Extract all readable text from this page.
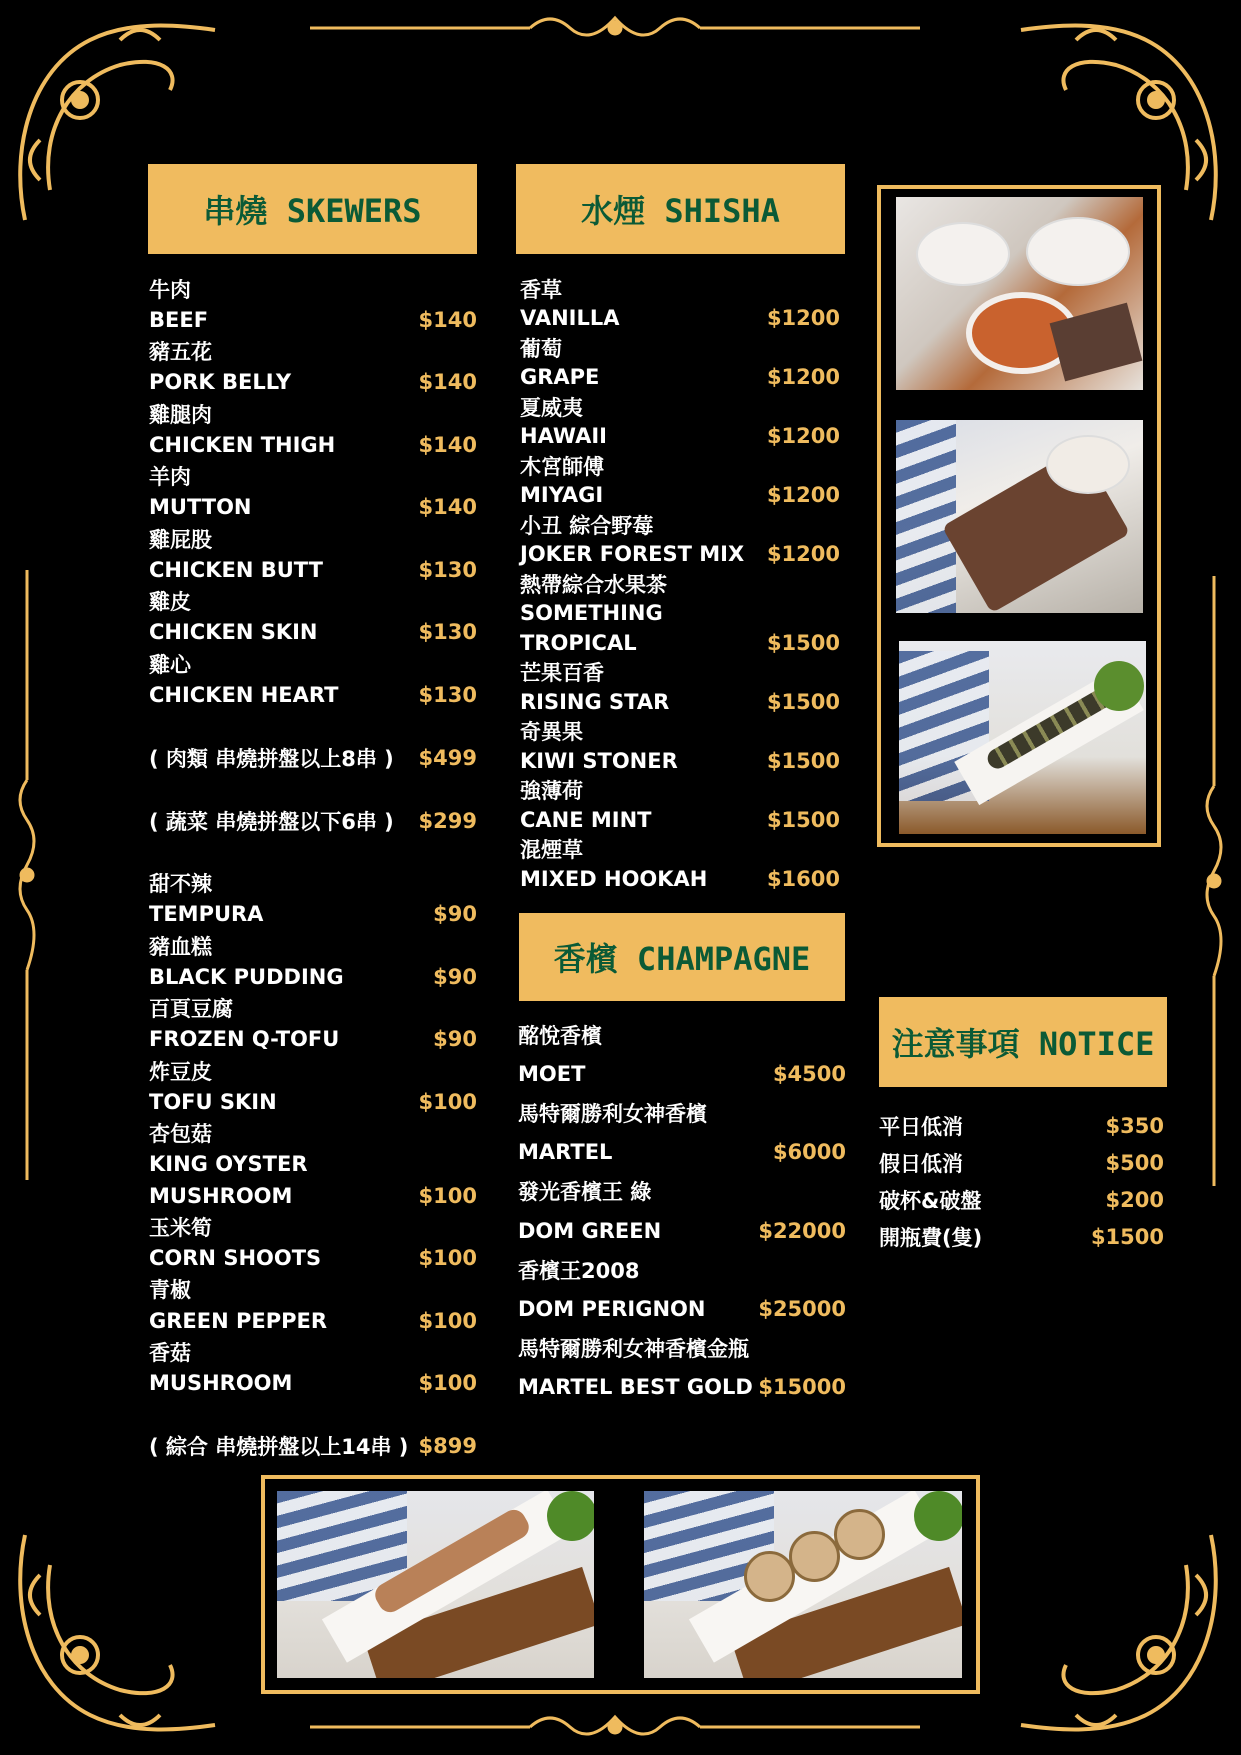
串燒 SKEWERS
牛肉
BEEF	$140
豬五花
PORK BELLY	$140
雞腿肉
CHICKEN THIGH	$140
羊肉
MUTTON	$140
雞屁股
CHICKEN BUTT	$130
雞皮
CHICKEN SKIN	$130
雞心
CHICKEN HEART	$130
( 肉類 串燒拼盤以上8串 ) $499
( 蔬菜 串燒拼盤以下6串 ) $299
甜不辣
TEMPURA	$90
豬血糕
BLACK PUDDING	$90
百頁豆腐
FROZEN Q-TOFU	$90
炸豆皮
TOFU SKIN	$100
杏包菇
KING OYSTER
MUSHROOM	$100
玉米筍
CORN SHOOTS	$100
青椒
GREEN PEPPER	$100
香菇
MUSHROOM	$100
( 綜合 串燒拼盤以上14串 ) $899
水煙 SHISHA
香草
VANILLA	$1200
葡萄
GRAPE	$1200
夏威夷
HAWAII	$1200
木宮師傅
MIYAGI	$1200
小丑 綜合野莓
JOKER FOREST MIX $1200
熱帶綜合水果茶
SOMETHING
TROPICAL	$1500
芒果百香
RISING STAR	$1500
奇異果
KIWI STONER	$1500
強薄荷
CANE MINT	$1500
混煙草
MIXED HOOKAH	$1600
香檳 CHAMPAGNE
酩悅香檳
MOET	$4500
馬特爾勝利女神香檳
MARTEL	$6000
發光香檳王 綠
DOM GREEN	$22000
香檳王2008
DOM PERIGNON	$25000
馬特爾勝利女神香檳金瓶
MARTEL BEST GOLD $15000
注意事項 NOTICE
平日低消	$350
假日低消	$500
破杯&破盤	$200
開瓶費(隻)	$1500
